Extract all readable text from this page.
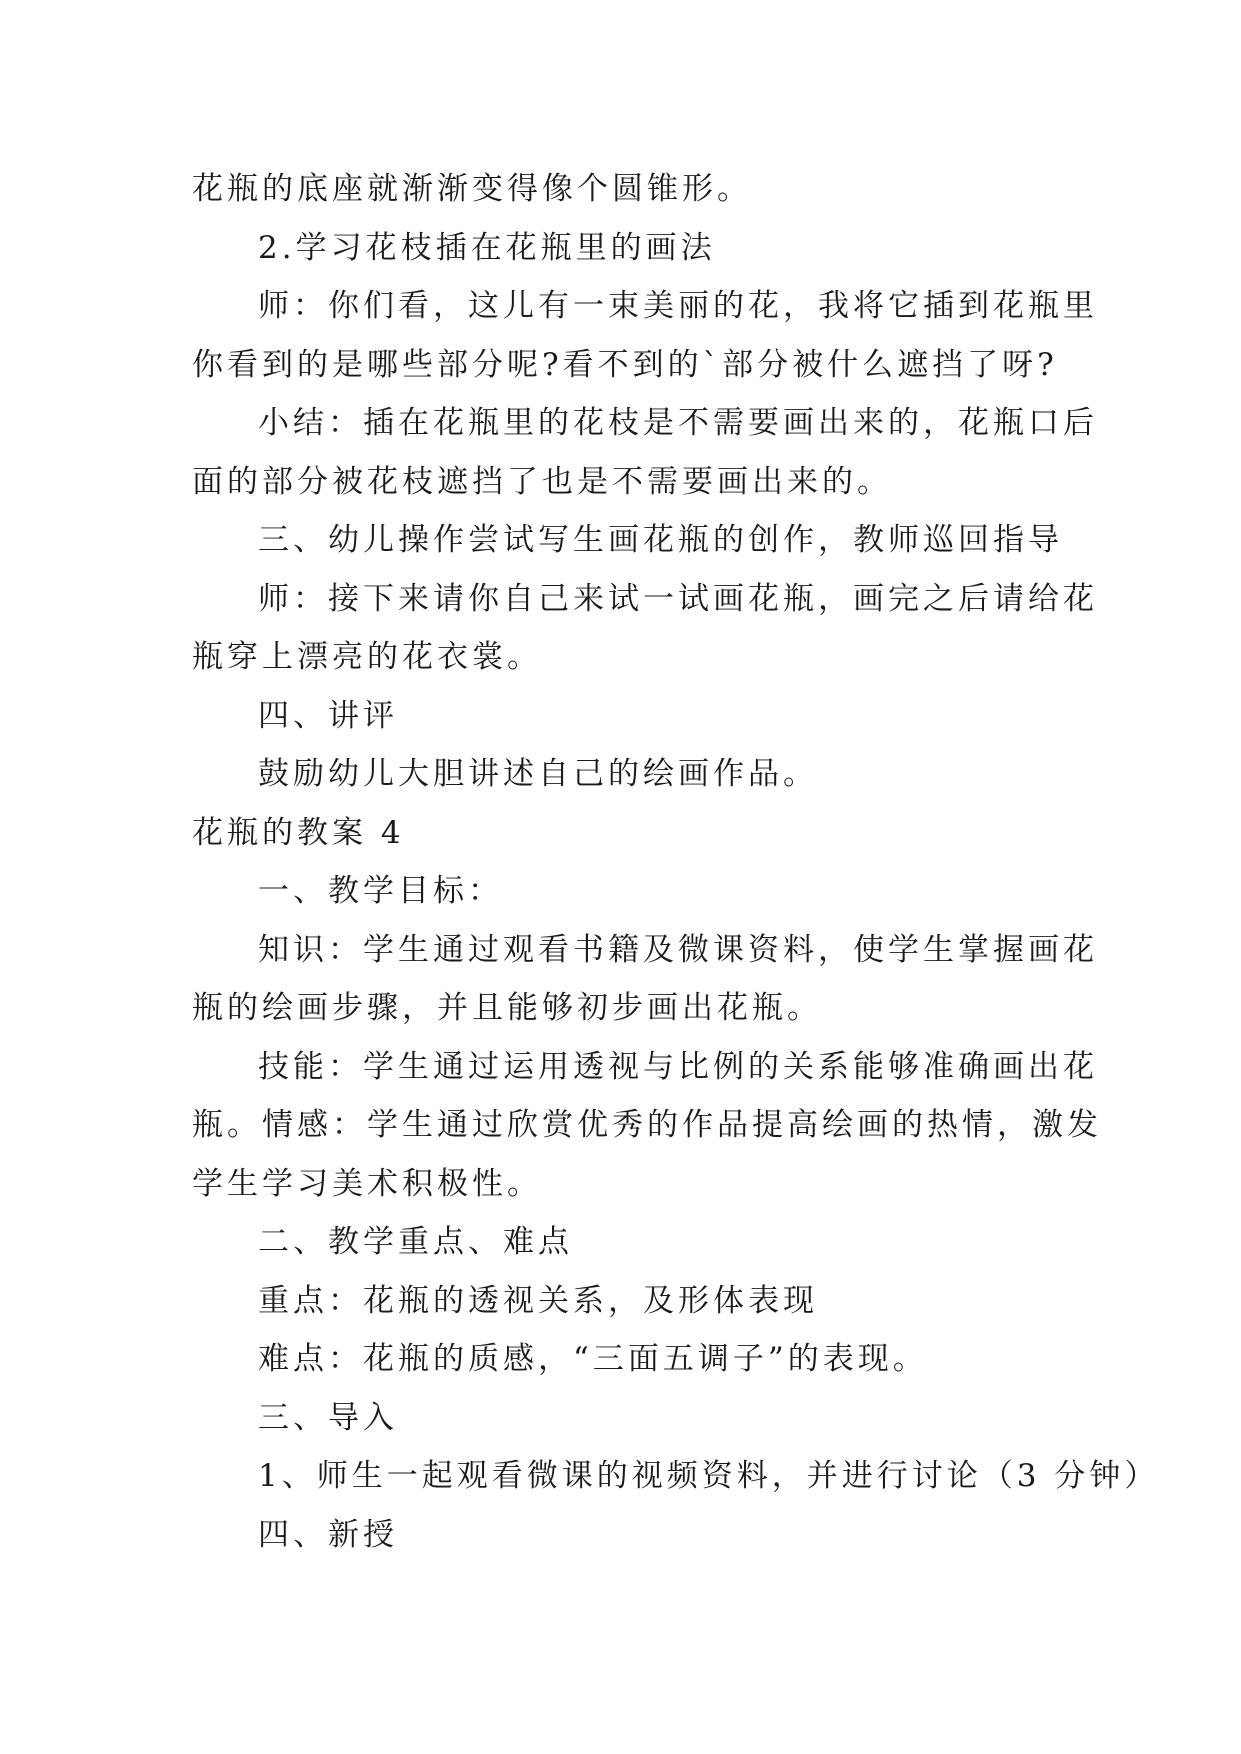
花瓶的底座就渐渐变得像个圆锥形。
2.学习花枝插在花瓶里的画法
师：你们看，这儿有一束美丽的花，我将它插到花瓶里
你看到的是哪些部分呢?看不到的`部分被什么遮挡了呀?
小结：插在花瓶里的花枝是不需要画出来的，花瓶口后
面的部分被花枝遮挡了也是不需要画出来的。
三、幼儿操作尝试写生画花瓶的创作，教师巡回指导
师：接下来请你自己来试一试画花瓶，画完之后请给花
瓶穿上漂亮的花衣裳。
四、讲评
鼓励幼儿大胆讲述自己的绘画作品。
花瓶的教案 4
一、教学目标：
知识：学生通过观看书籍及微课资料，使学生掌握画花
瓶的绘画步骤，并且能够初步画出花瓶。
技能：学生通过运用透视与比例的关系能够准确画出花
瓶。情感：学生通过欣赏优秀的作品提高绘画的热情，激发
学生学习美术积极性。
二、教学重点、难点
重点：花瓶的透视关系，及形体表现
难点：花瓶的质感，“三面五调子”的表现。
三、导入
1、师生一起观看微课的视频资料，并进行讨论（3 分钟）
四、新授
